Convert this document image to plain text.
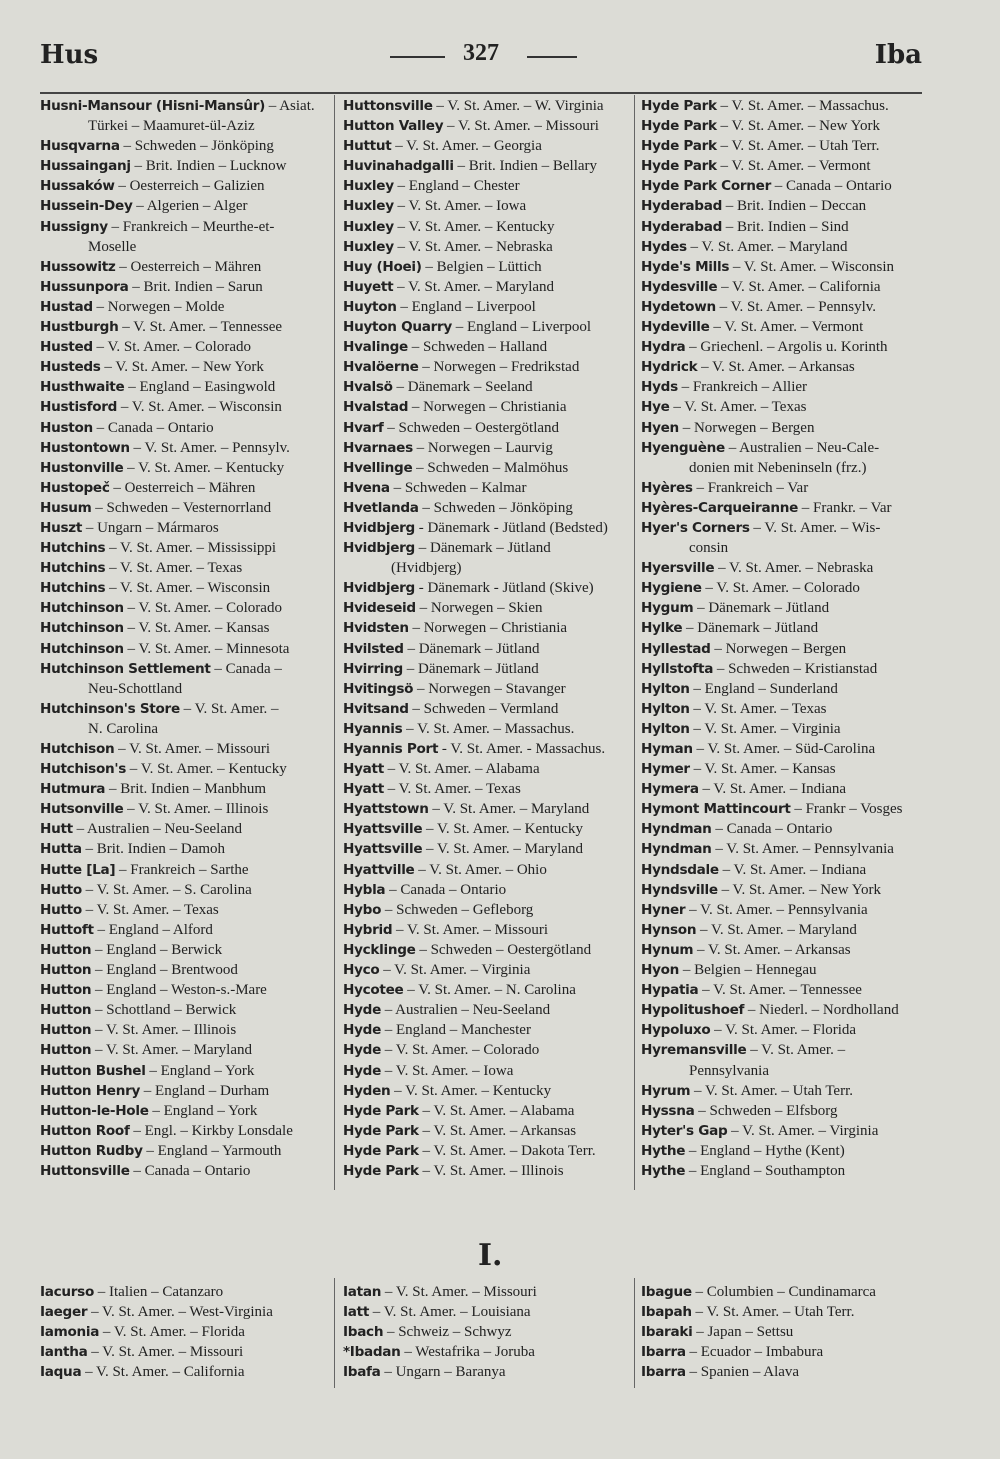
Hus	327	Iba
Husni-Mansour (Hisni-Mansûr) – Asiat.
Türkei – Maamuret-ül-Aziz
Husqvarna – Schweden – Jönköping
Hussainganj – Brit. Indien – Lucknow
Hussaków – Oesterreich – Galizien
Hussein-Dey – Algerien – Alger
Hussigny – Frankreich – Meurthe-et-
Moselle
Hussowitz – Oesterreich – Mähren
Hussunpora – Brit. Indien – Sarun
Hustad – Norwegen – Molde
Hustburgh – V. St. Amer. – Tennessee
Husted – V. St. Amer. – Colorado
Husteds – V. St. Amer. – New York
Husthwaite – England – Easingwold
Hustisford – V. St. Amer. – Wisconsin
Huston – Canada – Ontario
Hustontown – V. St. Amer. – Pennsylv.
Hustonville – V. St. Amer. – Kentucky
Hustopeč – Oesterreich – Mähren
Husum – Schweden – Vesternorrland
Huszt – Ungarn – Mármaros
Hutchins – V. St. Amer. – Mississippi
Hutchins – V. St. Amer. – Texas
Hutchins – V. St. Amer. – Wisconsin
Hutchinson – V. St. Amer. – Colorado
Hutchinson – V. St. Amer. – Kansas
Hutchinson – V. St. Amer. – Minnesota
Hutchinson Settlement – Canada –
Neu-Schottland
Hutchinson's Store – V. St. Amer. –
N. Carolina
Hutchison – V. St. Amer. – Missouri
Hutchison's – V. St. Amer. – Kentucky
Hutmura – Brit. Indien – Manbhum
Hutsonville – V. St. Amer. – Illinois
Hutt – Australien – Neu-Seeland
Hutta – Brit. Indien – Damoh
Hutte [La] – Frankreich – Sarthe
Hutto – V. St. Amer. – S. Carolina
Hutto – V. St. Amer. – Texas
Huttoft – England – Alford
Hutton – England – Berwick
Hutton – England – Brentwood
Hutton – England – Weston-s.-Mare
Hutton – Schottland – Berwick
Hutton – V. St. Amer. – Illinois
Hutton – V. St. Amer. – Maryland
Hutton Bushel – England – York
Hutton Henry – England – Durham
Hutton-le-Hole – England – York
Hutton Roof – Engl. – Kirkby Lonsdale
Hutton Rudby – England – Yarmouth
Huttonsville – Canada – Ontario
Huttonsville – V. St. Amer. – W. Virginia
Hutton Valley – V. St. Amer. – Missouri
Huttut – V. St. Amer. – Georgia
Huvinahadgalli – Brit. Indien – Bellary
Huxley – England – Chester
Huxley – V. St. Amer. – Iowa
Huxley – V. St. Amer. – Kentucky
Huxley – V. St. Amer. – Nebraska
Huy (Hoei) – Belgien – Lüttich
Huyett – V. St. Amer. – Maryland
Huyton – England – Liverpool
Huyton Quarry – England – Liverpool
Hvalinge – Schweden – Halland
Hvalöerne – Norwegen – Fredrikstad
Hvalsö – Dänemark – Seeland
Hvalstad – Norwegen – Christiania
Hvarf – Schweden – Oestergötland
Hvarnaes – Norwegen – Laurvig
Hvellinge – Schweden – Malmöhus
Hvena – Schweden – Kalmar
Hvetlanda – Schweden – Jönköping
Hvidbjerg - Dänemark - Jütland (Bedsted)
Hvidbjerg – Dänemark – Jütland
(Hvidbjerg)
Hvidbjerg - Dänemark - Jütland (Skive)
Hvideseid – Norwegen – Skien
Hvidsten – Norwegen – Christiania
Hvilsted – Dänemark – Jütland
Hvirring – Dänemark – Jütland
Hvitingsö – Norwegen – Stavanger
Hvitsand – Schweden – Vermland
Hyannis – V. St. Amer. – Massachus.
Hyannis Port - V. St. Amer. - Massachus.
Hyatt – V. St. Amer. – Alabama
Hyatt – V. St. Amer. – Texas
Hyattstown – V. St. Amer. – Maryland
Hyattsville – V. St. Amer. – Kentucky
Hyattsville – V. St. Amer. – Maryland
Hyattville – V. St. Amer. – Ohio
Hybla – Canada – Ontario
Hybo – Schweden – Gefleborg
Hybrid – V. St. Amer. – Missouri
Hycklinge – Schweden – Oestergötland
Hyco – V. St. Amer. – Virginia
Hycotee – V. St. Amer. – N. Carolina
Hyde – Australien – Neu-Seeland
Hyde – England – Manchester
Hyde – V. St. Amer. – Colorado
Hyde – V. St. Amer. – Iowa
Hyden – V. St. Amer. – Kentucky
Hyde Park – V. St. Amer. – Alabama
Hyde Park – V. St. Amer. – Arkansas
Hyde Park – V. St. Amer. – Dakota Terr.
Hyde Park – V. St. Amer. – Illinois
Hyde Park – V. St. Amer. – Massachus.
Hyde Park – V. St. Amer. – New York
Hyde Park – V. St. Amer. – Utah Terr.
Hyde Park – V. St. Amer. – Vermont
Hyde Park Corner – Canada – Ontario
Hyderabad – Brit. Indien – Deccan
Hyderabad – Brit. Indien – Sind
Hydes – V. St. Amer. – Maryland
Hyde's Mills – V. St. Amer. – Wisconsin
Hydesville – V. St. Amer. – California
Hydetown – V. St. Amer. – Pennsylv.
Hydeville – V. St. Amer. – Vermont
Hydra – Griechenl. – Argolis u. Korinth
Hydrick – V. St. Amer. – Arkansas
Hyds – Frankreich – Allier
Hye – V. St. Amer. – Texas
Hyen – Norwegen – Bergen
Hyenguène – Australien – Neu-Cale-
donien mit Nebeninseln (frz.)
Hyères – Frankreich – Var
Hyères-Carqueiranne – Frankr. – Var
Hyer's Corners – V. St. Amer. – Wis-
consin
Hyersville – V. St. Amer. – Nebraska
Hygiene – V. St. Amer. – Colorado
Hygum – Dänemark – Jütland
Hylke – Dänemark – Jütland
Hyllestad – Norwegen – Bergen
Hyllstofta – Schweden – Kristianstad
Hylton – England – Sunderland
Hylton – V. St. Amer. – Texas
Hylton – V. St. Amer. – Virginia
Hyman – V. St. Amer. – Süd-Carolina
Hymer – V. St. Amer. – Kansas
Hymera – V. St. Amer. – Indiana
Hymont Mattincourt – Frankr – Vosges
Hyndman – Canada – Ontario
Hyndman – V. St. Amer. – Pennsylvania
Hyndsdale – V. St. Amer. – Indiana
Hyndsville – V. St. Amer. – New York
Hyner – V. St. Amer. – Pennsylvania
Hynson – V. St. Amer. – Maryland
Hynum – V. St. Amer. – Arkansas
Hyon – Belgien – Hennegau
Hypatia – V. St. Amer. – Tennessee
Hypolitushoef – Niederl. – Nordholland
Hypoluxo – V. St. Amer. – Florida
Hyremansville – V. St. Amer. –
Pennsylvania
Hyrum – V. St. Amer. – Utah Terr.
Hyssna – Schweden – Elfsborg
Hyter's Gap – V. St. Amer. – Virginia
Hythe – England – Hythe (Kent)
Hythe – England – Southampton
I.
Iacurso – Italien – Catanzaro
Iaeger – V. St. Amer. – West-Virginia
Iamonia – V. St. Amer. – Florida
Iantha – V. St. Amer. – Missouri
Iaqua – V. St. Amer. – California
Iatan – V. St. Amer. – Missouri
Iatt – V. St. Amer. – Louisiana
Ibach – Schweiz – Schwyz
*Ibadan – Westafrika – Joruba
Ibafa – Ungarn – Baranya
Ibague – Columbien – Cundinamarca
Ibapah – V. St. Amer. – Utah Terr.
Ibaraki – Japan – Settsu
Ibarra – Ecuador – Imbabura
Ibarra – Spanien – Alava
